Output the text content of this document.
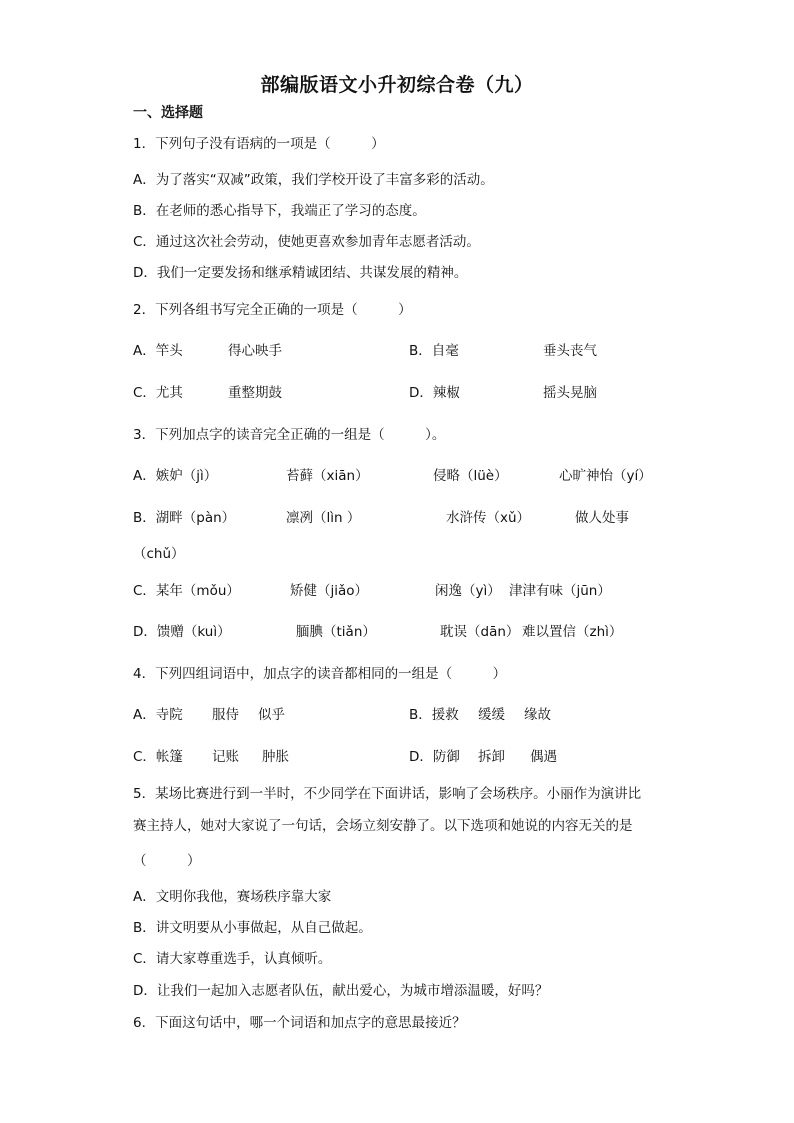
部编版语文小升初综合卷（九）
一、选择题
1．下列句子没有语病的一项是（　　　）
A．为了落实“双减”政策，我们学校开设了丰富多彩的活动。
B．在老师的悉心指导下，我端正了学习的态度。
C．通过这次社会劳动，使她更喜欢参加青年志愿者活动。
D．我们一定要发扬和继承精诚团结、共谋发展的精神。
2．下列各组书写完全正确的一项是（　　　）
A．竿头	得心映手	B．自毫	垂头丧气
C．尤其	重整期鼓	D．辣椒	摇头晃脑
3．下列加点字的读音完全正确的一组是（　　　）。
A．嫉妒（jì）	苔藓（xiān）	侵略（lüè）	心旷神怡（yí）
B．湖畔（pàn）	凛冽（lìn ）	水浒传（xǔ）	做人处事
（chǔ）
C．某年（mǒu）	矫健（jiǎo）	闲逸（yì） 津津有味（jūn）
D．馈赠（kuì）	腼腆（tiǎn）	耽误（dān） 难以置信（zhì）
4．下列四组词语中，加点字的读音都相同的一组是（　　　）
A．寺院 服侍 似乎	B．援救 缓缓 缘故
C．帐篷 记账 肿胀	D．防御 拆卸 偶遇
5．某场比赛进行到一半时，不少同学在下面讲话，影响了会场秩序。小丽作为演讲比
赛主持人，她对大家说了一句话，会场立刻安静了。以下选项和她说的内容无关的是
（　　　）
A．文明你我他，赛场秩序靠大家
B．讲文明要从小事做起，从自己做起。
C．请大家尊重选手，认真倾听。
D．让我们一起加入志愿者队伍，献出爱心，为城市增添温暖，好吗？
6．下面这句话中，哪一个词语和加点字的意思最接近？
